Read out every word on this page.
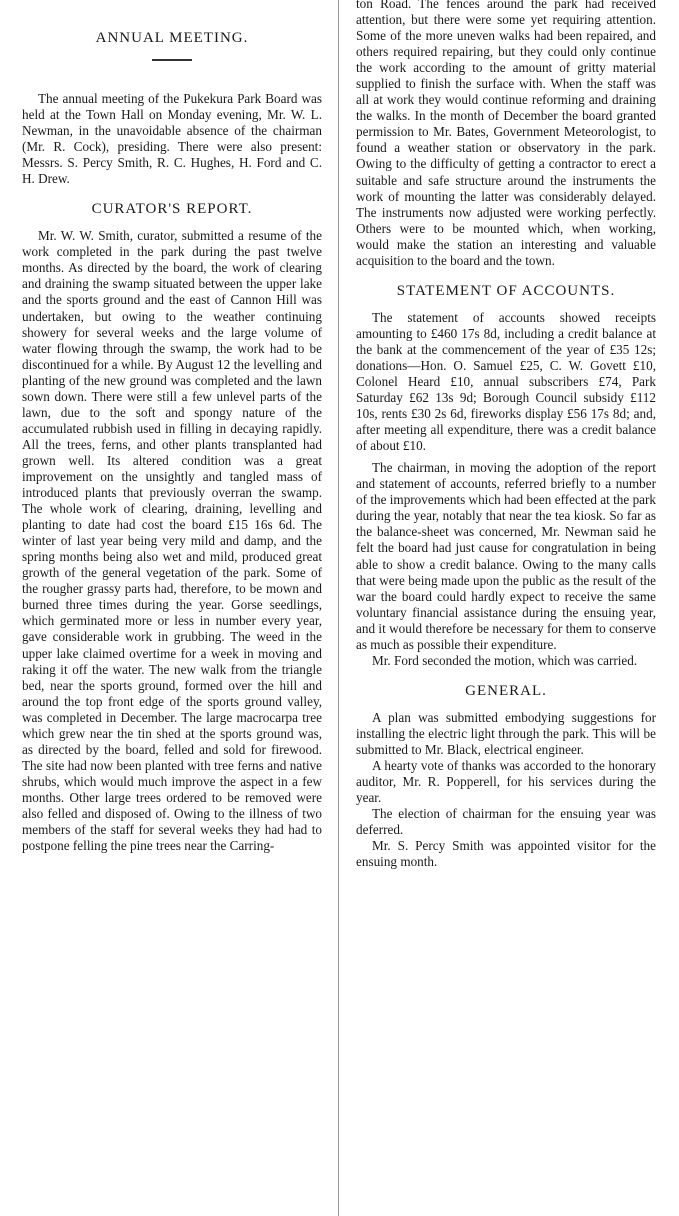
ANNUAL MEETING.

The annual meeting of the Pukekura Park Board was held at the Town Hall on Monday evening, Mr. W. L. Newman, in the unavoidable absence of the chairman (Mr. R. Cock), presiding. There were also present: Messrs. S. Percy Smith, R. C. Hughes, H. Ford and C. H. Drew.

CURATOR'S REPORT.

Mr. W. W. Smith, curator, submitted a resume of the work completed in the park during the past twelve months. As directed by the board, the work of clearing and draining the swamp situated between the upper lake and the sports ground and the east of Cannon Hill was undertaken, but owing to the weather continuing showery for several weeks and the large volume of water flowing through the swamp, the work had to be discontinued for a while. By August 12 the levelling and planting of the new ground was completed and the lawn sown down. There were still a few unlevel parts of the lawn, due to the soft and spongy nature of the accumulated rubbish used in filling in decaying rapidly. All the trees, ferns, and other plants transplanted had grown well. Its altered condition was a great improvement on the unsightly and tangled mass of introduced plants that previously overran the swamp. The whole work of clearing, draining, levelling and planting to date had cost the board £15 16s 6d. The winter of last year being very mild and damp, and the spring months being also wet and mild, produced great growth of the general vegetation of the park. Some of the rougher grassy parts had, therefore, to be mown and burned three times during the year. Gorse seedlings, which germinated more or less in number every year, gave considerable work in grubbing. The weed in the upper lake claimed overtime for a week in moving and raking it off the water. The new walk from the triangle bed, near the sports ground, formed over the hill and around the top front edge of the sports ground valley, was completed in December. The large macrocarpa tree which grew near the tin shed at the sports ground was, as directed by the board, felled and sold for firewood. The site had now been planted with tree ferns and native shrubs, which would much improve the aspect in a few months. Other large trees ordered to be removed were also felled and disposed of. Owing to the illness of two members of the staff for several weeks they had had to postpone felling the pine trees near the Carring-

ton Road. The fences around the park had received attention, but there were some yet requiring attention. Some of the more uneven walks had been repaired, and others required repairing, but they could only continue the work according to the amount of gritty material supplied to finish the surface with. When the staff was all at work they would continue reforming and draining the walks. In the month of December the board granted permission to Mr. Bates, Government Meteorologist, to found a weather station or observatory in the park. Owing to the difficulty of getting a contractor to erect a suitable and safe structure around the instruments the work of mounting the latter was considerably delayed. The instruments now adjusted were working perfectly. Others were to be mounted which, when working, would make the station an interesting and valuable acquisition to the board and the town.

STATEMENT OF ACCOUNTS.

The statement of accounts showed receipts amounting to £460 17s 8d, including a credit balance at the bank at the commencement of the year of £35 12s; donations—Hon. O. Samuel £25, C. W. Govett £10, Colonel Heard £10, annual subscribers £74, Park Saturday £62 13s 9d; Borough Council subsidy £112 10s, rents £30 2s 6d, fireworks display £56 17s 8d; and, after meeting all expenditure, there was a credit balance of about £10.

The chairman, in moving the adoption of the report and statement of accounts, referred briefly to a number of the improvements which had been effected at the park during the year, notably that near the tea kiosk. So far as the balance-sheet was concerned, Mr. Newman said he felt the board had just cause for congratulation in being able to show a credit balance. Owing to the many calls that were being made upon the public as the result of the war the board could hardly expect to receive the same voluntary financial assistance during the ensuing year, and it would therefore be necessary for them to conserve as much as possible their expenditure.

Mr. Ford seconded the motion, which was carried.

GENERAL.

A plan was submitted embodying suggestions for installing the electric light through the park. This will be submitted to Mr. Black, electrical engineer.

A hearty vote of thanks was accorded to the honorary auditor, Mr. R. Popperell, for his services during the year.

The election of chairman for the ensuing year was deferred.

Mr. S. Percy Smith was appointed visitor for the ensuing month.
